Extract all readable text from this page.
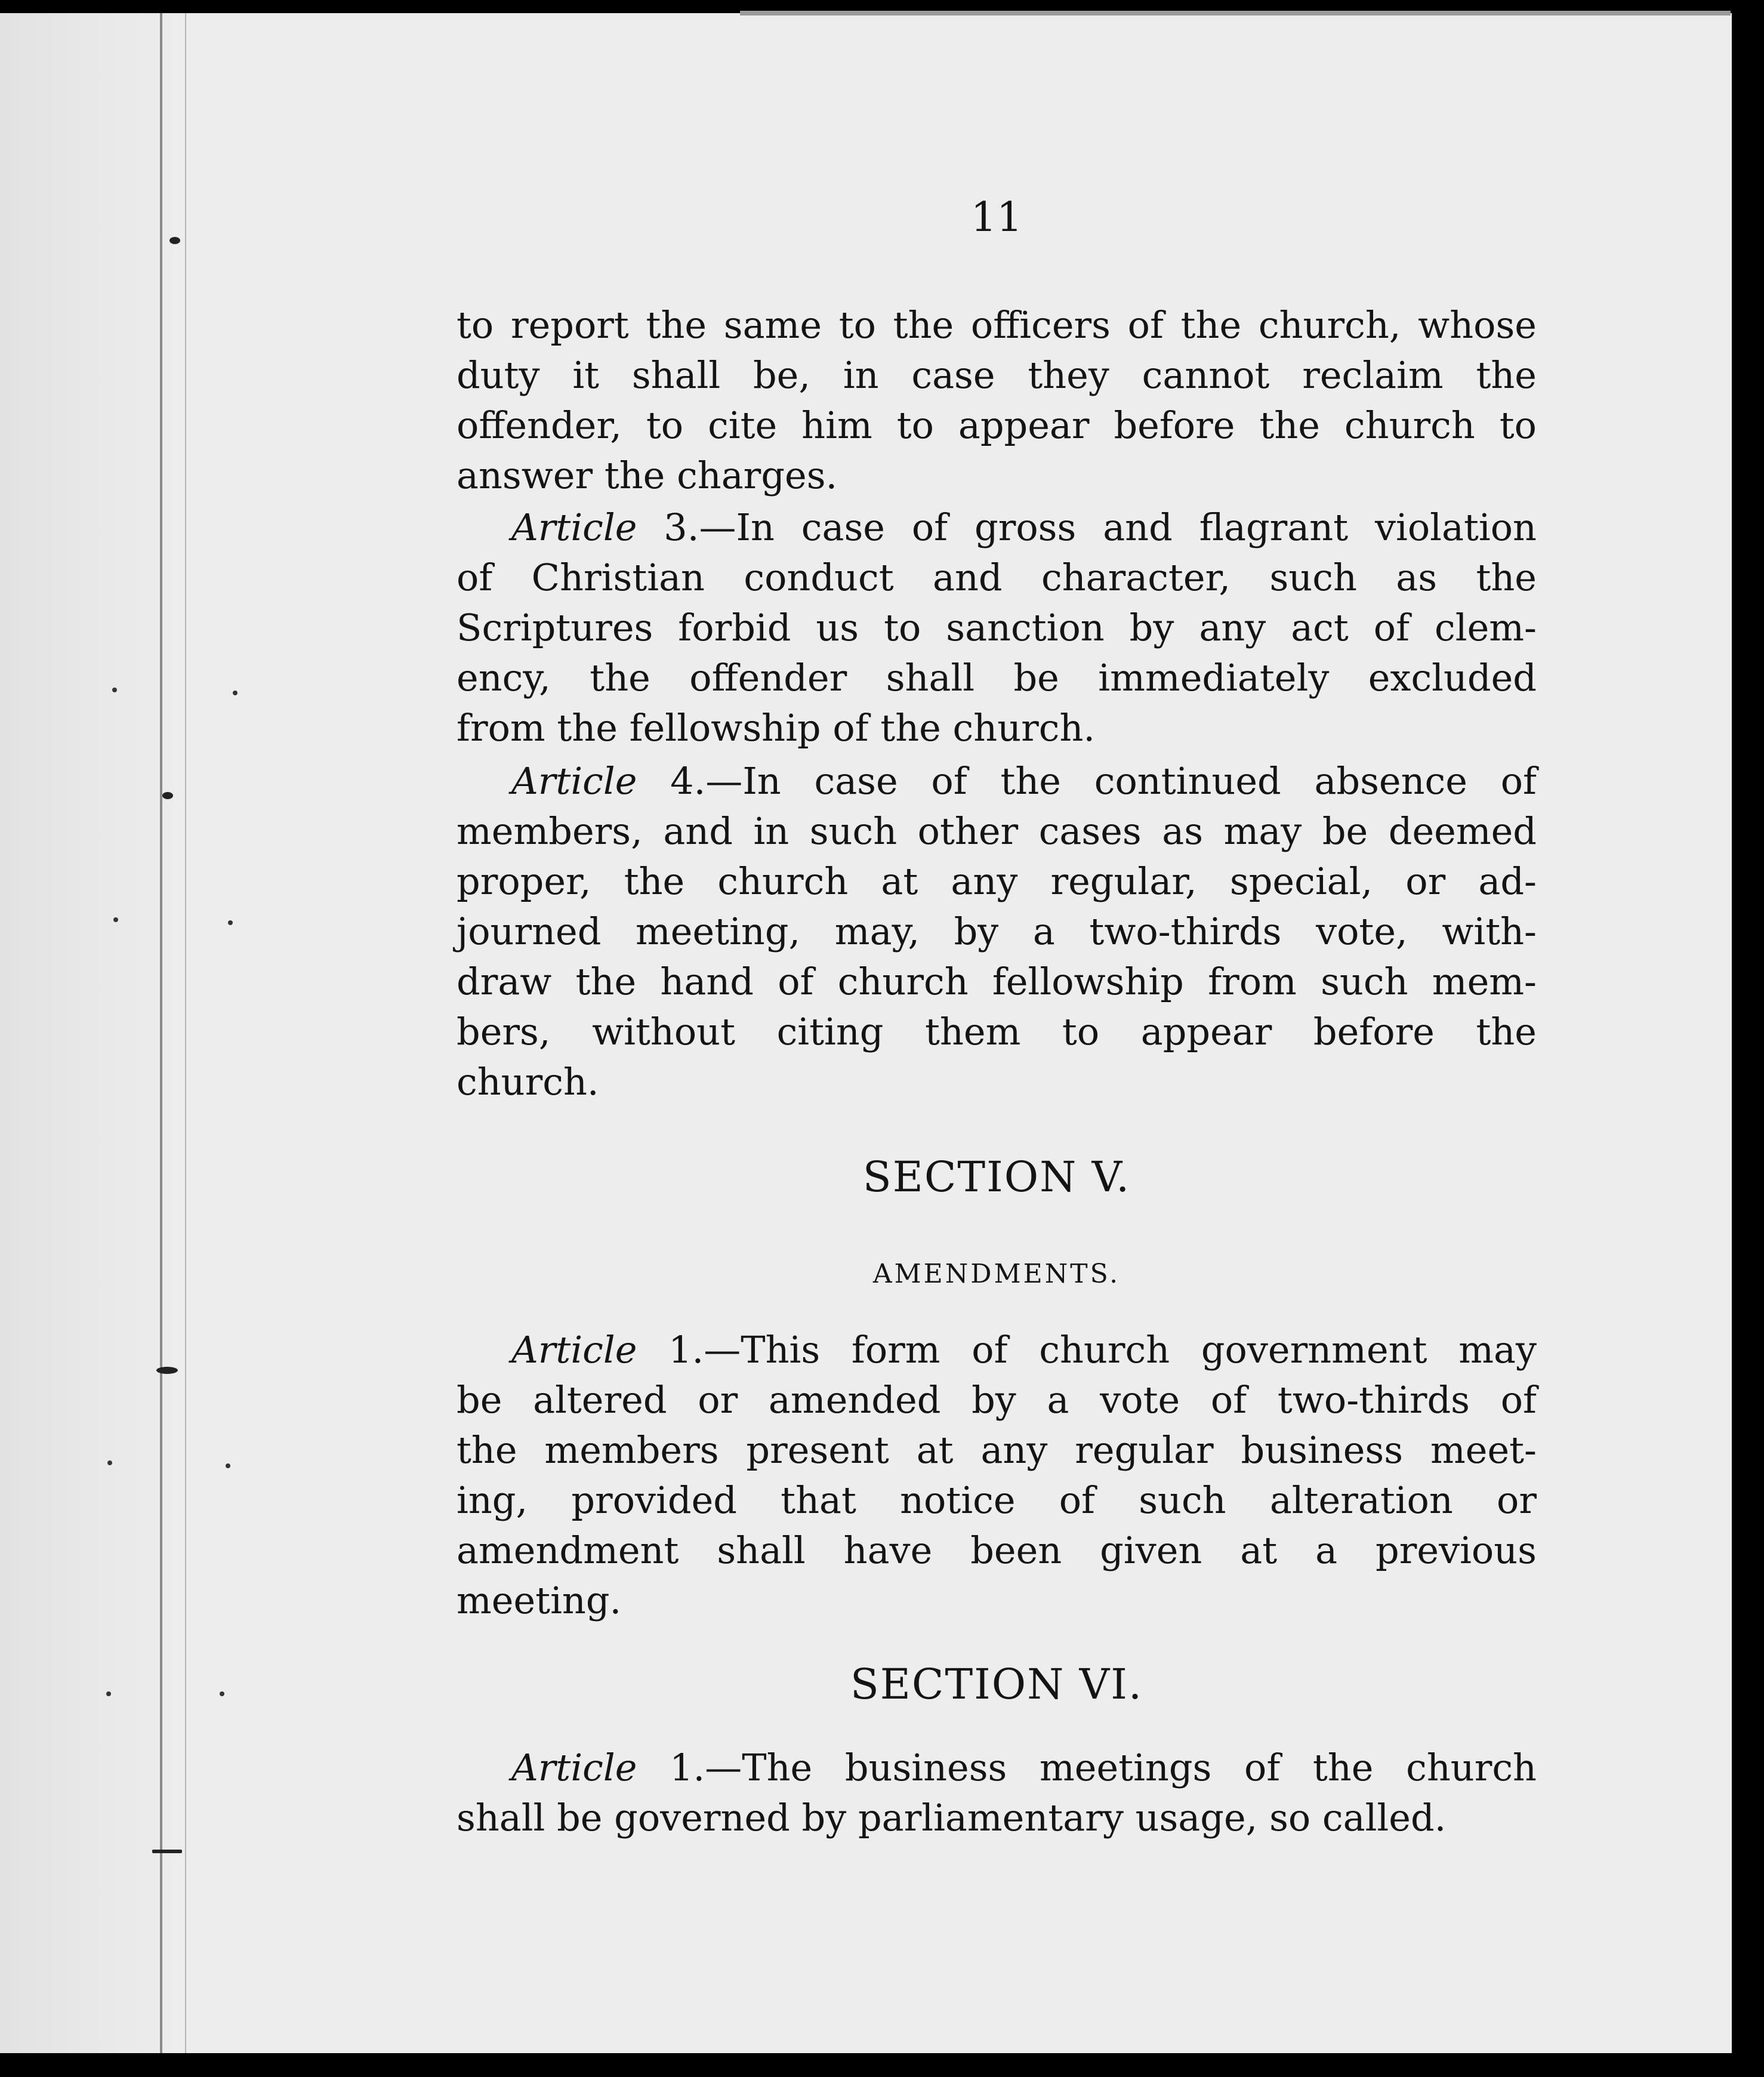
11

to report the same to the officers of the church, whose
duty it shall be, in case they cannot reclaim the
offender, to cite him to appear before the church to
answer the charges.
Article 3.—In case of gross and flagrant violation
of Christian conduct and character, such as the
Scriptures forbid us to sanction by any act of clem-
ency, the offender shall be immediately excluded
from the fellowship of the church.
Article 4.—In case of the continued absence of
members, and in such other cases as may be deemed
proper, the church at any regular, special, or ad-
journed meeting, may, by a two-thirds vote, with-
draw the hand of church fellowship from such mem-
bers, without citing them to appear before the
church.

SECTION V.

AMENDMENTS.

Article 1.—This form of church government may
be altered or amended by a vote of two-thirds of
the members present at any regular business meet-
ing, provided that notice of such alteration or
amendment shall have been given at a previous
meeting.

SECTION VI.

Article 1.—The business meetings of the church
shall be governed by parliamentary usage, so called.
